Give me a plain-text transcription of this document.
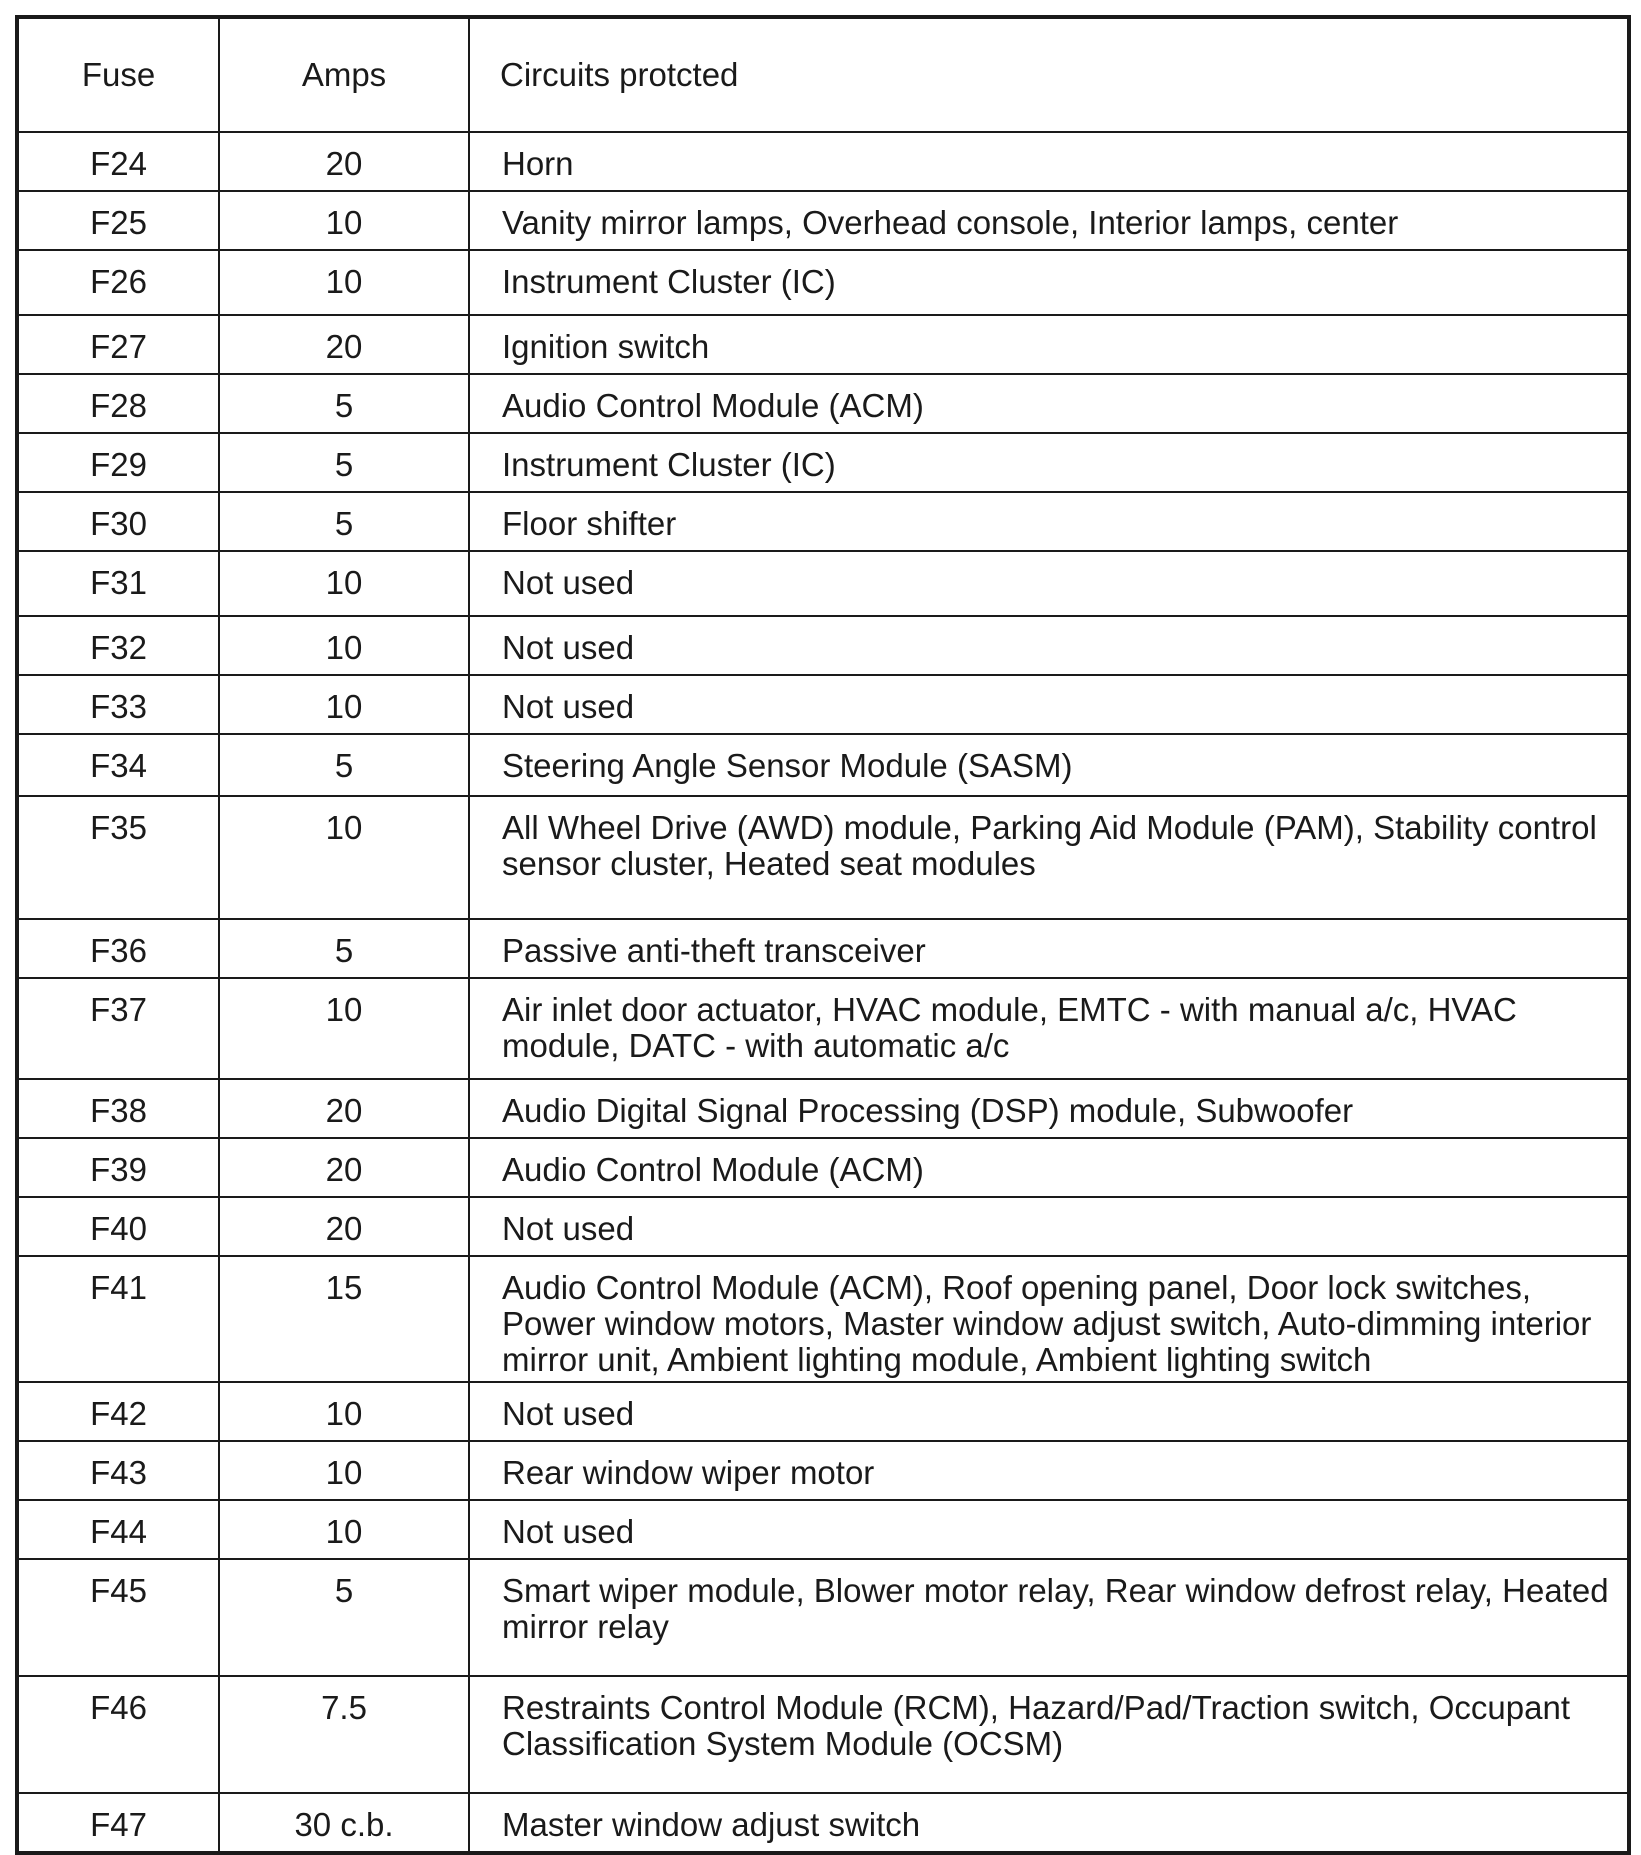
Fuse	Amps	Circuits protcted
F24	20	Horn
F25	10	Vanity mirror lamps, Overhead console, Interior lamps, center
F26	10	Instrument Cluster (IC)
F27	20	Ignition switch
F28	5	Audio Control Module (ACM)
F29	5	Instrument Cluster (IC)
F30	5	Floor shifter
F31	10	Not used
F32	10	Not used
F33	10	Not used
F34	5	Steering Angle Sensor Module (SASM)
F35	10	All Wheel Drive (AWD) module, Parking Aid Module (PAM), Stability control sensor cluster, Heated seat modules
F36	5	Passive anti-theft transceiver
F37	10	Air inlet door actuator, HVAC module, EMTC - with manual a/c, HVAC module, DATC - with automatic a/c
F38	20	Audio Digital Signal Processing (DSP) module, Subwoofer
F39	20	Audio Control Module (ACM)
F40	20	Not used
F41	15	Audio Control Module (ACM), Roof opening panel, Door lock switches, Power window motors, Master window adjust switch, Auto-dimming interior mirror unit, Ambient lighting module, Ambient lighting switch
F42	10	Not used
F43	10	Rear window wiper motor
F44	10	Not used
F45	5	Smart wiper module, Blower motor relay, Rear window defrost relay, Heated mirror relay
F46	7.5	Restraints Control Module (RCM), Hazard/Pad/Traction switch, Occupant Classification System Module (OCSM)
F47	30 c.b.	Master window adjust switch
